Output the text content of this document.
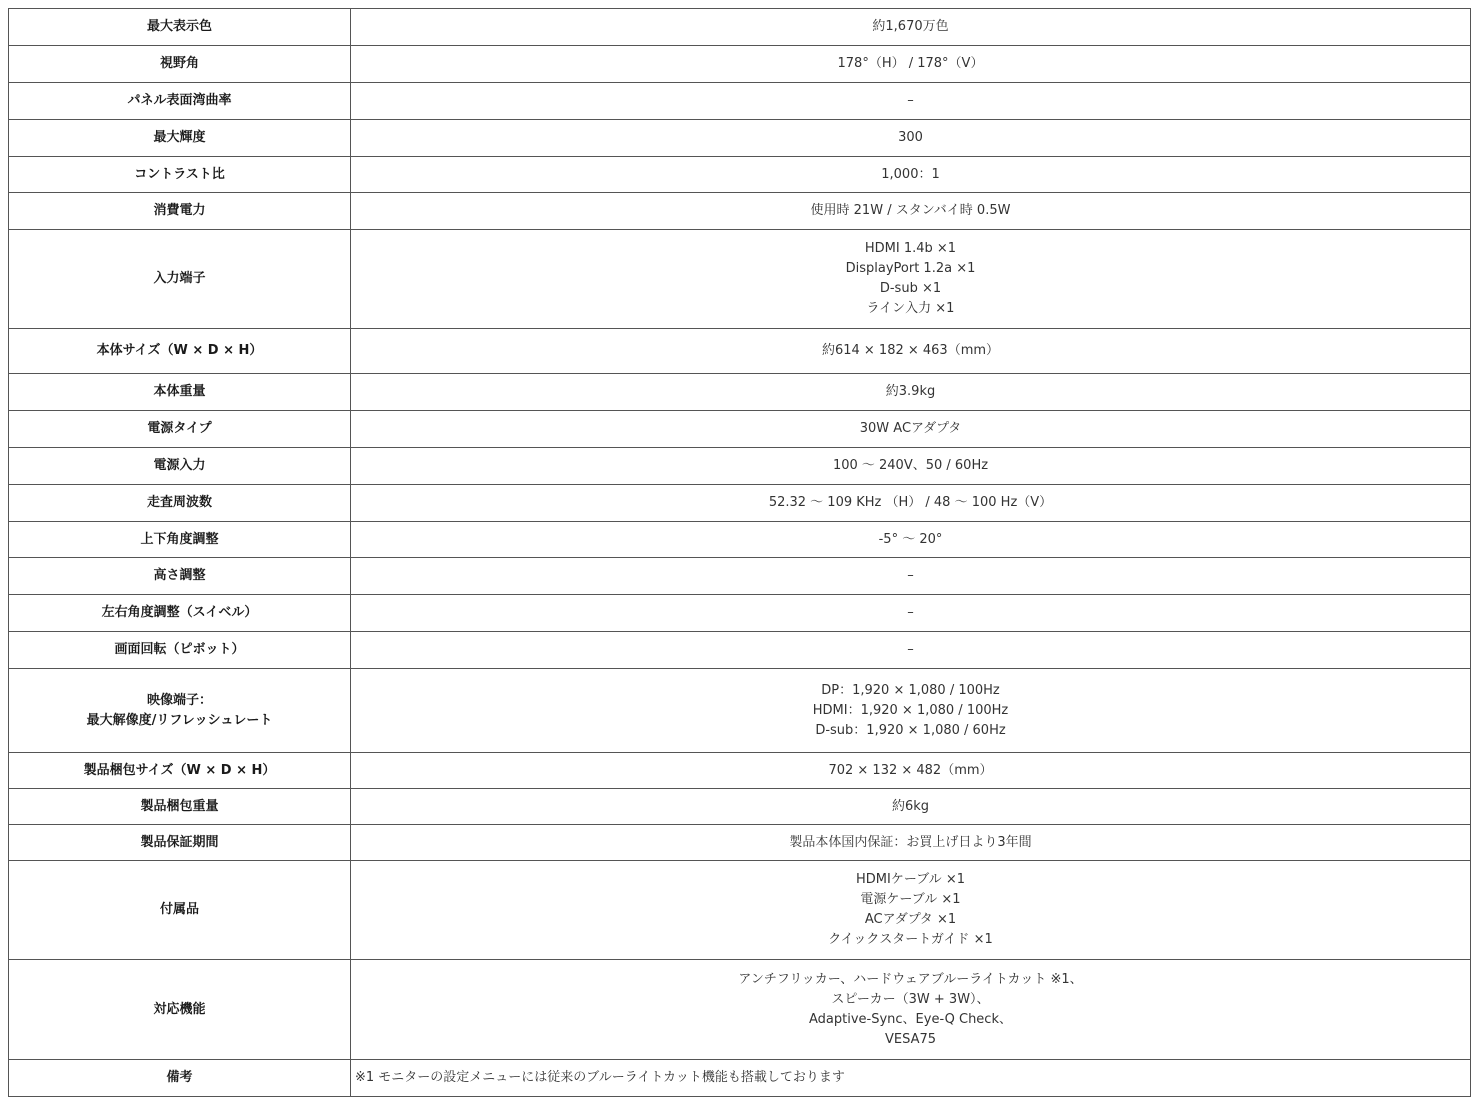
最大表示色	約1,670万色

視野角	178°（H） / 178°（V）

パネル表面湾曲率	–

最大輝度	300

コントラスト比	1,000：1

消費電力	使用時 21W / スタンバイ時 0.5W

入力端子	HDMI 1.4b ×1
DisplayPort 1.2a ×1
D-sub ×1
ライン入力 ×1

本体サイズ（W × D × H）	約614 × 182 × 463（mm）

本体重量	約3.9kg

電源タイプ	30W ACアダプタ

電源入力	100 ～ 240V、50 / 60Hz

走査周波数	52.32 ～ 109 KHz （H） / 48 ～ 100 Hz（V）

上下角度調整	-5° ～ 20°

高さ調整	–

左右角度調整（スイベル）	–

画面回転（ピボット）	–

映像端子：
最大解像度/リフレッシュレート	DP：1,920 × 1,080 / 100Hz
HDMI：1,920 × 1,080 / 100Hz
D-sub：1,920 × 1,080 / 60Hz

製品梱包サイズ（W × D × H）	702 × 132 × 482（mm）

製品梱包重量	約6kg

製品保証期間	製品本体国内保証：お買上げ日より3年間

付属品	HDMIケーブル ×1
電源ケーブル ×1
ACアダプタ ×1
クイックスタートガイド ×1

対応機能	アンチフリッカー、ハードウェアブルーライトカット ※1、
スピーカー（3W + 3W）、
Adaptive-Sync、Eye-Q Check、
VESA75

備考	※1 モニターの設定メニューには従来のブルーライトカット機能も搭載しております
